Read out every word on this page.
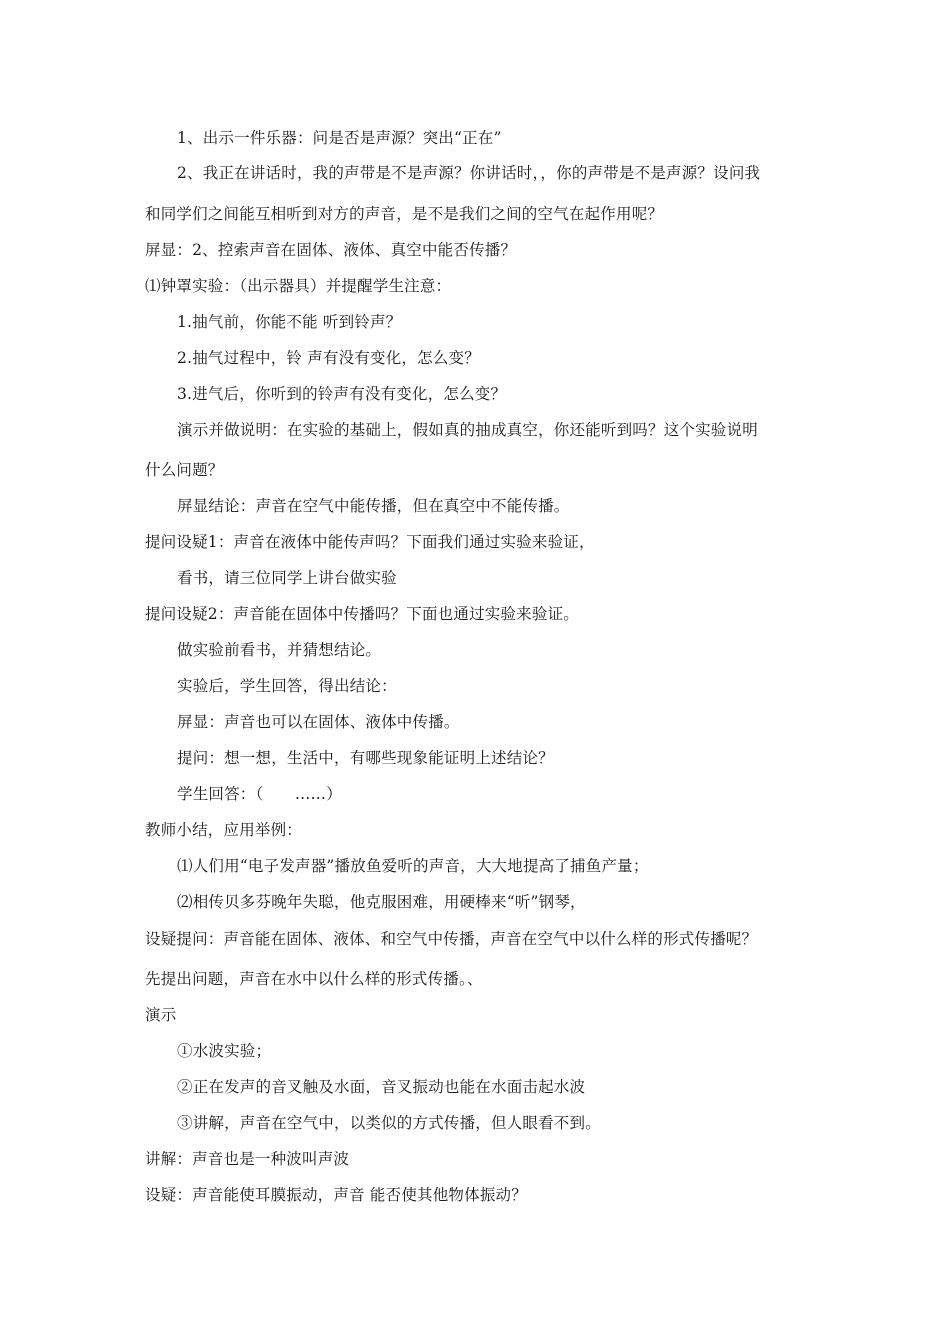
1、出示一件乐器：问是否是声源？突出“正在”
2、我正在讲话时，我的声带是不是声源？你讲话时，，你的声带是不是声源？设问我
和同学们之间能互相听到对方的声音，是不是我们之间的空气在起作用呢？
屏显：2、控索声音在固体、液体、真空中能否传播？
⑴钟罩实验：（出示器具）并提醒学生注意：
1.抽气前，你能不能 听到铃声？
2.抽气过程中，铃 声有没有变化，怎么变？
3.进气后，你听到的铃声有没有变化，怎么变？
演示并做说明：在实验的基础上，假如真的抽成真空，你还能听到吗？这个实验说明
什么问题？
屏显结论：声音在空气中能传播，但在真空中不能传播。
提问设疑1：声音在液体中能传声吗？下面我们通过实验来验证，
看书，请三位同学上讲台做实验
提问设疑2：声音能在固体中传播吗？下面也通过实验来验证。
做实验前看书，并猜想结论。
实验后，学生回答，得出结论：
屏显：声音也可以在固体、液体中传播。
提问：想一想，生活中，有哪些现象能证明上述结论？
学生回答：（　　……）
教师小结，应用举例：
⑴人们用“电子发声器”播放鱼爱听的声音，大大地提高了捕鱼产量；
⑵相传贝多芬晚年失聪，他克服困难，用硬棒来“听”钢琴，
设疑提问：声音能在固体、液体、和空气中传播，声音在空气中以什么样的形式传播呢？
先提出问题，声音在水中以什么样的形式传播。、
演示
①水波实验；
②正在发声的音叉触及水面，音叉振动也能在水面击起水波
③讲解，声音在空气中，以类似的方式传播，但人眼看不到。
讲解：声音也是一种波叫声波
设疑：声音能使耳膜振动，声音 能否使其他物体振动？
